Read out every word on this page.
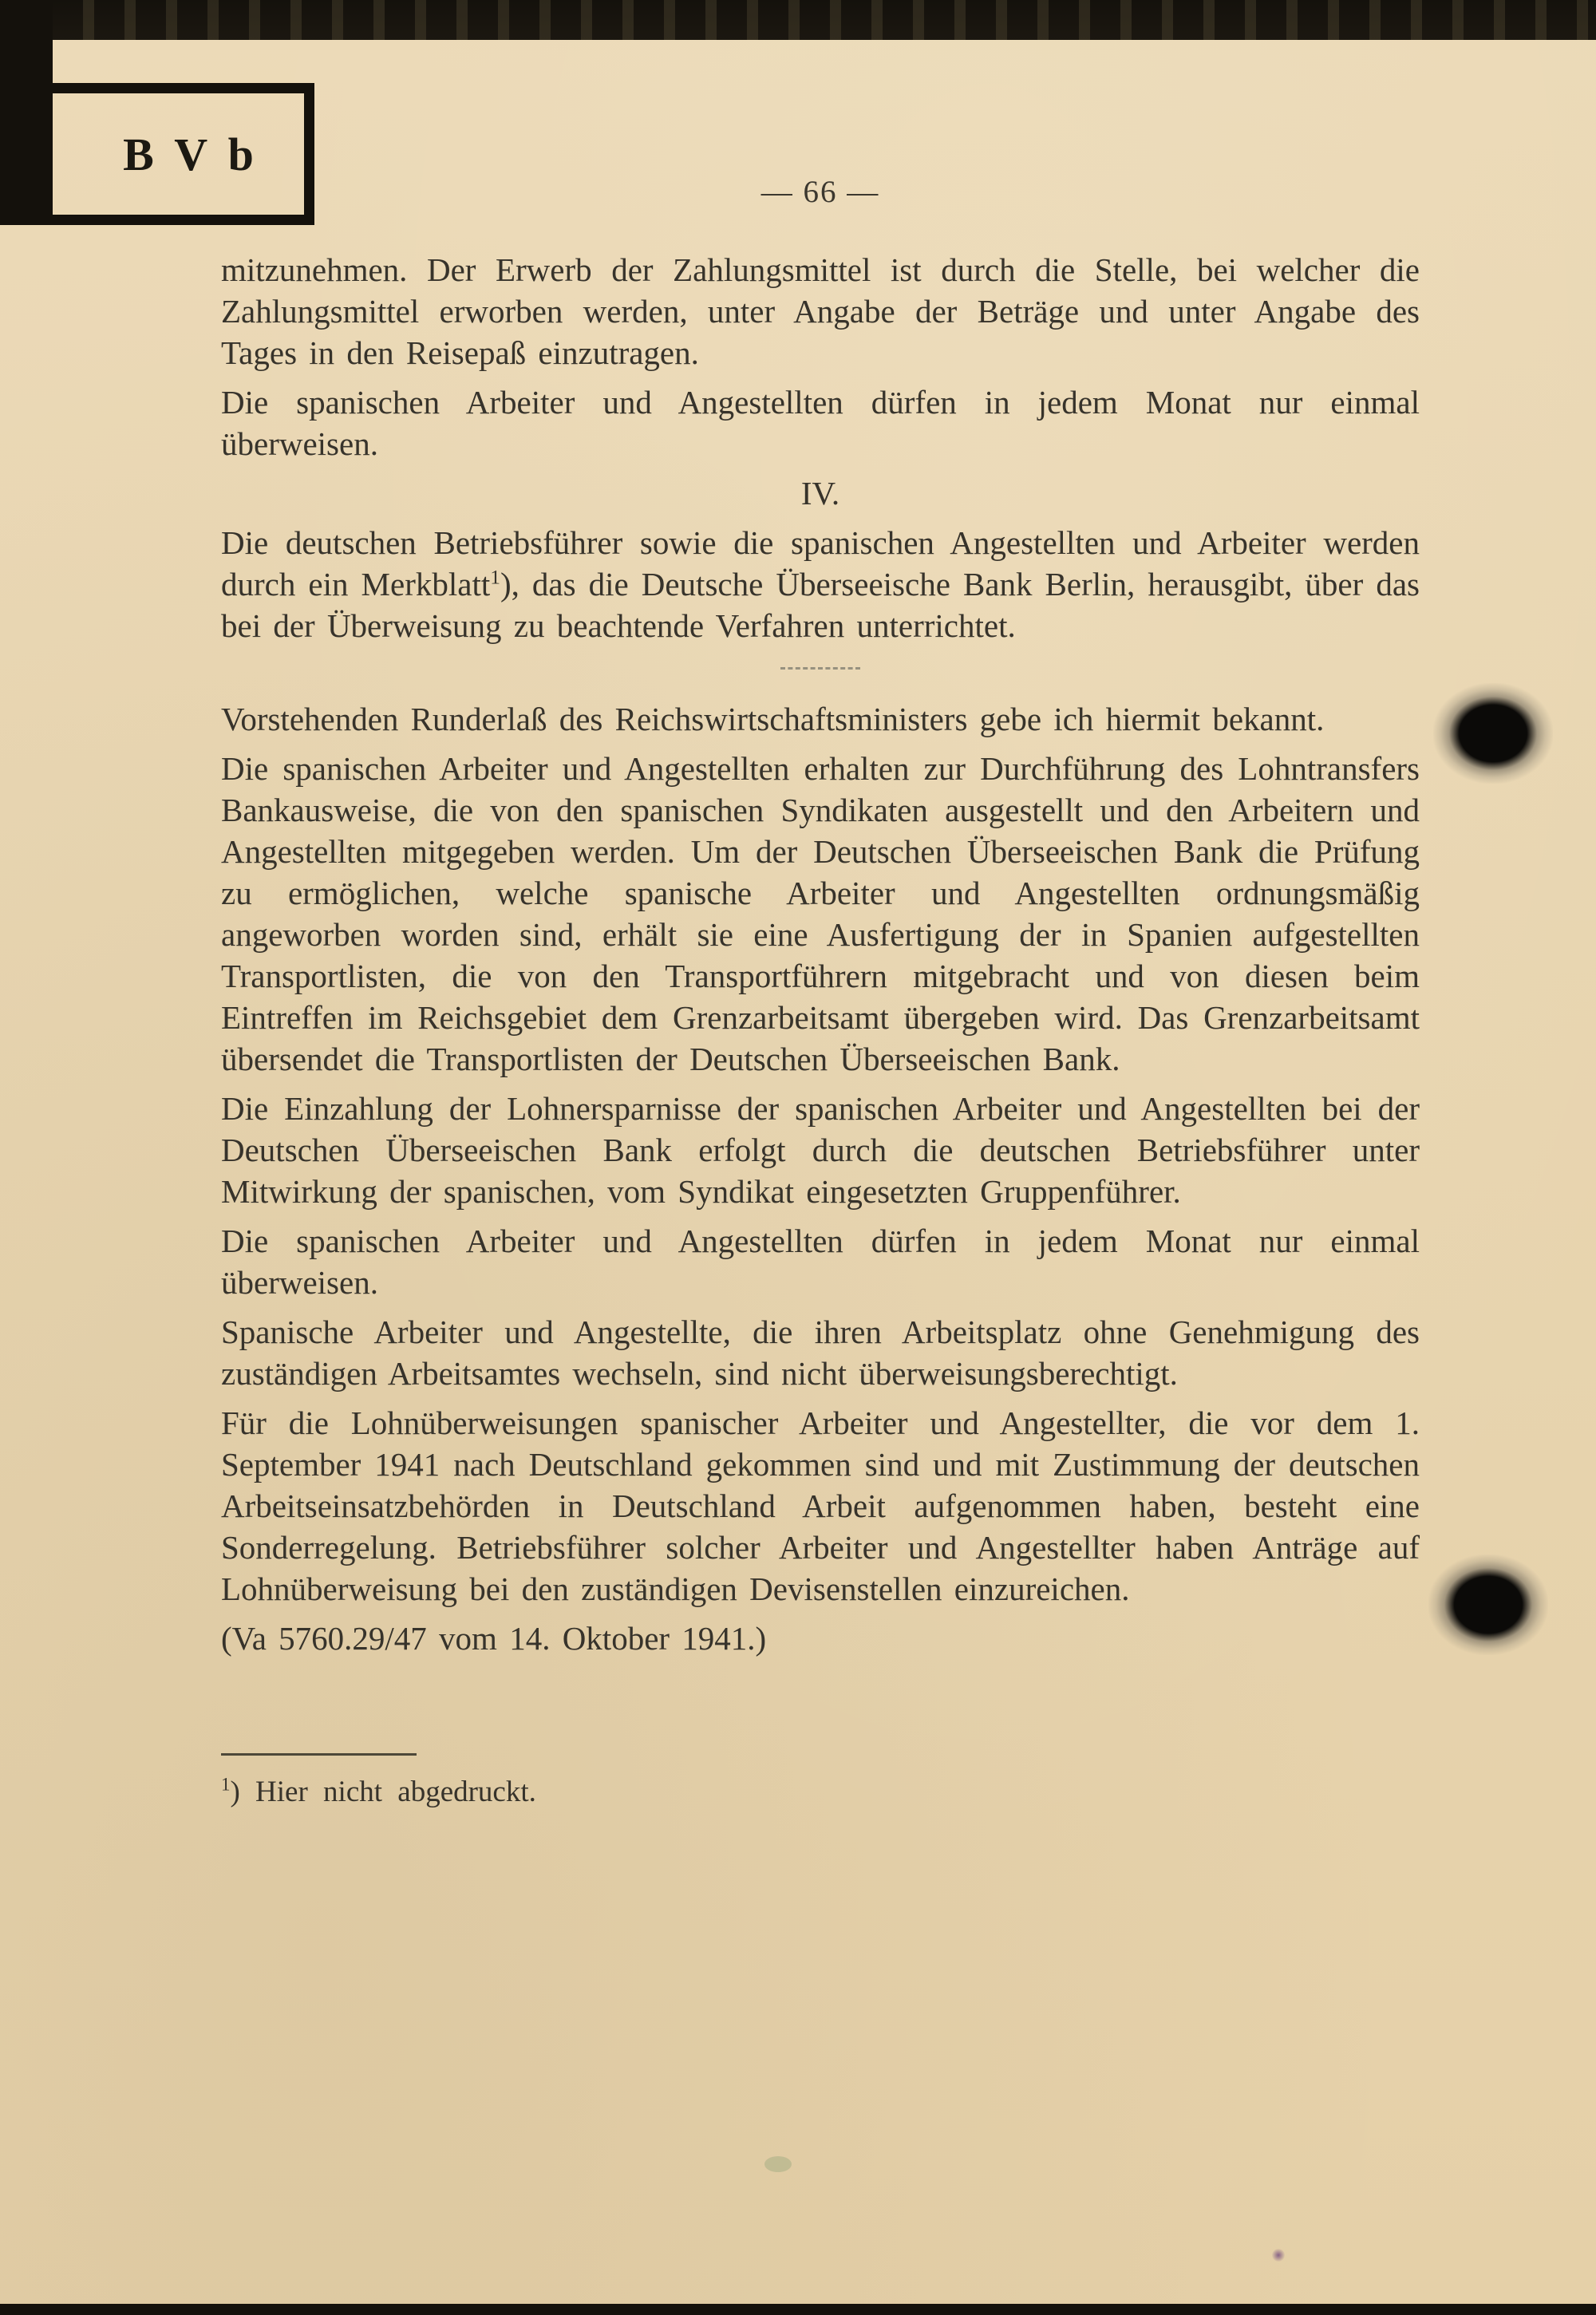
B V b
— 66 —

mitzunehmen. Der Erwerb der Zahlungsmittel ist durch die Stelle, bei welcher die Zahlungsmittel erworben werden, unter Angabe der Beträge und unter Angabe des Tages in den Reisepaß einzutragen.

Die spanischen Arbeiter und Angestellten dürfen in jedem Monat nur einmal überweisen.

IV.

Die deutschen Betriebsführer sowie die spanischen Angestellten und Arbeiter werden durch ein Merkblatt$^1$), das die Deutsche Überseeische Bank Berlin, herausgibt, über das bei der Überweisung zu beachtende Verfahren unterrichtet.

Vorstehenden Runderlaß des Reichswirtschaftsministers gebe ich hiermit bekannt.

Die spanischen Arbeiter und Angestellten erhalten zur Durchführung des Lohntransfers Bankausweise, die von den spanischen Syndikaten ausgestellt und den Arbeitern und Angestellten mitgegeben werden. Um der Deutschen Überseeischen Bank die Prüfung zu ermöglichen, welche spanische Arbeiter und Angestellten ordnungsmäßig angeworben worden sind, erhält sie eine Ausfertigung der in Spanien aufgestellten Transportlisten, die von den Transportführern mitgebracht und von diesen beim Eintreffen im Reichsgebiet dem Grenzarbeitsamt übergeben wird. Das Grenzarbeitsamt übersendet die Transportlisten der Deutschen Überseeischen Bank.

Die Einzahlung der Lohnersparnisse der spanischen Arbeiter und Angestellten bei der Deutschen Überseeischen Bank erfolgt durch die deutschen Betriebsführer unter Mitwirkung der spanischen, vom Syndikat eingesetzten Gruppenführer.

Die spanischen Arbeiter und Angestellten dürfen in jedem Monat nur einmal überweisen.

Spanische Arbeiter und Angestellte, die ihren Arbeitsplatz ohne Genehmigung des zuständigen Arbeitsamtes wechseln, sind nicht überweisungsberechtigt.

Für die Lohnüberweisungen spanischer Arbeiter und Angestellter, die vor dem 1. September 1941 nach Deutschland gekommen sind und mit Zustimmung der deutschen Arbeitseinsatzbehörden in Deutschland Arbeit aufgenommen haben, besteht eine Sonderregelung. Betriebsführer solcher Arbeiter und Angestellter haben Anträge auf Lohnüberweisung bei den zuständigen Devisenstellen einzureichen.

(Va 5760.29/47 vom 14. Oktober 1941.)

$^1$) Hier nicht abgedruckt.
